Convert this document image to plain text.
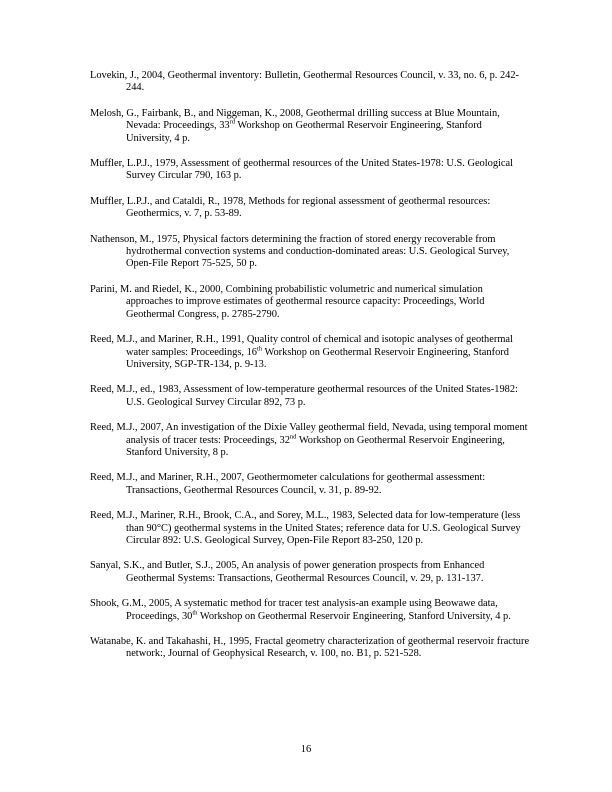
Lovekin, J., 2004, Geothermal inventory: Bulletin, Geothermal Resources Council, v. 33, no. 6, p. 242-244.

Melosh, G., Fairbank, B., and Niggeman, K., 2008, Geothermal drilling success at Blue Mountain, Nevada: Proceedings, 33rd Workshop on Geothermal Reservoir Engineering, Stanford University, 4 p.

Muffler, L.P.J., 1979, Assessment of geothermal resources of the United States-1978: U.S. Geological Survey Circular 790, 163 p.

Muffler, L.P.J., and Cataldi, R., 1978, Methods for regional assessment of geothermal resources: Geothermics, v. 7, p. 53-89.

Nathenson, M., 1975, Physical factors determining the fraction of stored energy recoverable from hydrothermal convection systems and conduction-dominated areas: U.S. Geological Survey, Open-File Report 75-525, 50 p.

Parini, M. and Riedel, K., 2000, Combining probabilistic volumetric and numerical simulation approaches to improve estimates of geothermal resource capacity: Proceedings, World Geothermal Congress, p. 2785-2790.

Reed, M.J., and Mariner, R.H., 1991, Quality control of chemical and isotopic analyses of geothermal water samples: Proceedings, 16th Workshop on Geothermal Reservoir Engineering, Stanford University, SGP-TR-134, p. 9-13.

Reed, M.J., ed., 1983, Assessment of low-temperature geothermal resources of the United States-1982: U.S. Geological Survey Circular 892, 73 p.

Reed, M.J., 2007, An investigation of the Dixie Valley geothermal field, Nevada, using temporal moment analysis of tracer tests: Proceedings, 32nd Workshop on Geothermal Reservoir Engineering, Stanford University, 8 p.

Reed, M.J., and Mariner, R.H., 2007, Geothermometer calculations for geothermal assessment: Transactions, Geothermal Resources Council, v. 31, p. 89-92.

Reed, M.J., Mariner, R.H., Brook, C.A., and Sorey, M.L., 1983, Selected data for low-temperature (less than 90°C) geothermal systems in the United States; reference data for U.S. Geological Survey Circular 892: U.S. Geological Survey, Open-File Report 83-250, 120 p.

Sanyal, S.K., and Butler, S.J., 2005, An analysis of power generation prospects from Enhanced Geothermal Systems: Transactions, Geothermal Resources Council, v. 29, p. 131-137.

Shook, G.M., 2005, A systematic method for tracer test analysis-an example using Beowawe data, Proceedings, 30th Workshop on Geothermal Reservoir Engineering, Stanford University, 4 p.

Watanabe, K. and Takahashi, H., 1995, Fractal geometry characterization of geothermal reservoir fracture network:, Journal of Geophysical Research, v. 100, no. B1, p. 521-528.

16
